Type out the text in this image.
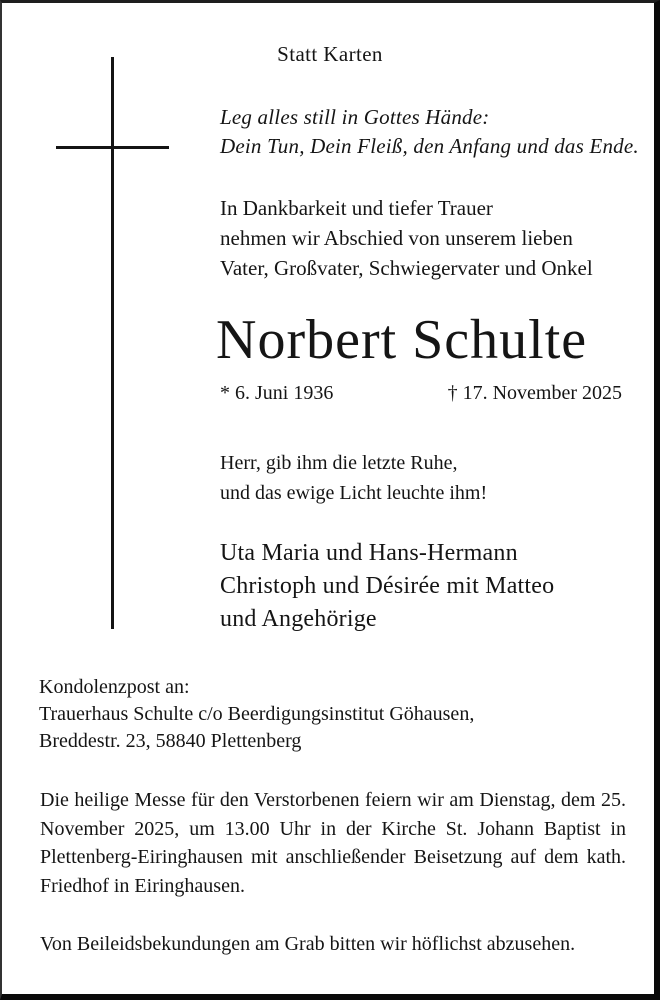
Statt Karten
Leg alles still in Gottes Hände:
Dein Tun, Dein Fleiß, den Anfang und das Ende.
In Dankbarkeit und tiefer Trauer
nehmen wir Abschied von unserem lieben
Vater, Großvater, Schwiegervater und Onkel
Norbert Schulte
* 6. Juni 1936	† 17. November 2025
Herr, gib ihm die letzte Ruhe,
und das ewige Licht leuchte ihm!
Uta Maria und Hans-Hermann
Christoph und Désirée mit Matteo
und Angehörige
Kondolenzpost an:
Trauerhaus Schulte c/o Beerdigungsinstitut Göhausen,
Breddestr. 23, 58840 Plettenberg

Die heilige Messe für den Verstorbenen feiern wir am Dienstag, dem 25. November 2025, um 13.00 Uhr in der Kirche St. Johann Baptist in Plettenberg-Eiringhausen mit anschließender Beisetzung auf dem kath. Friedhof in Eiringhausen.

Von Beileidsbekundungen am Grab bitten wir höflichst abzusehen.
